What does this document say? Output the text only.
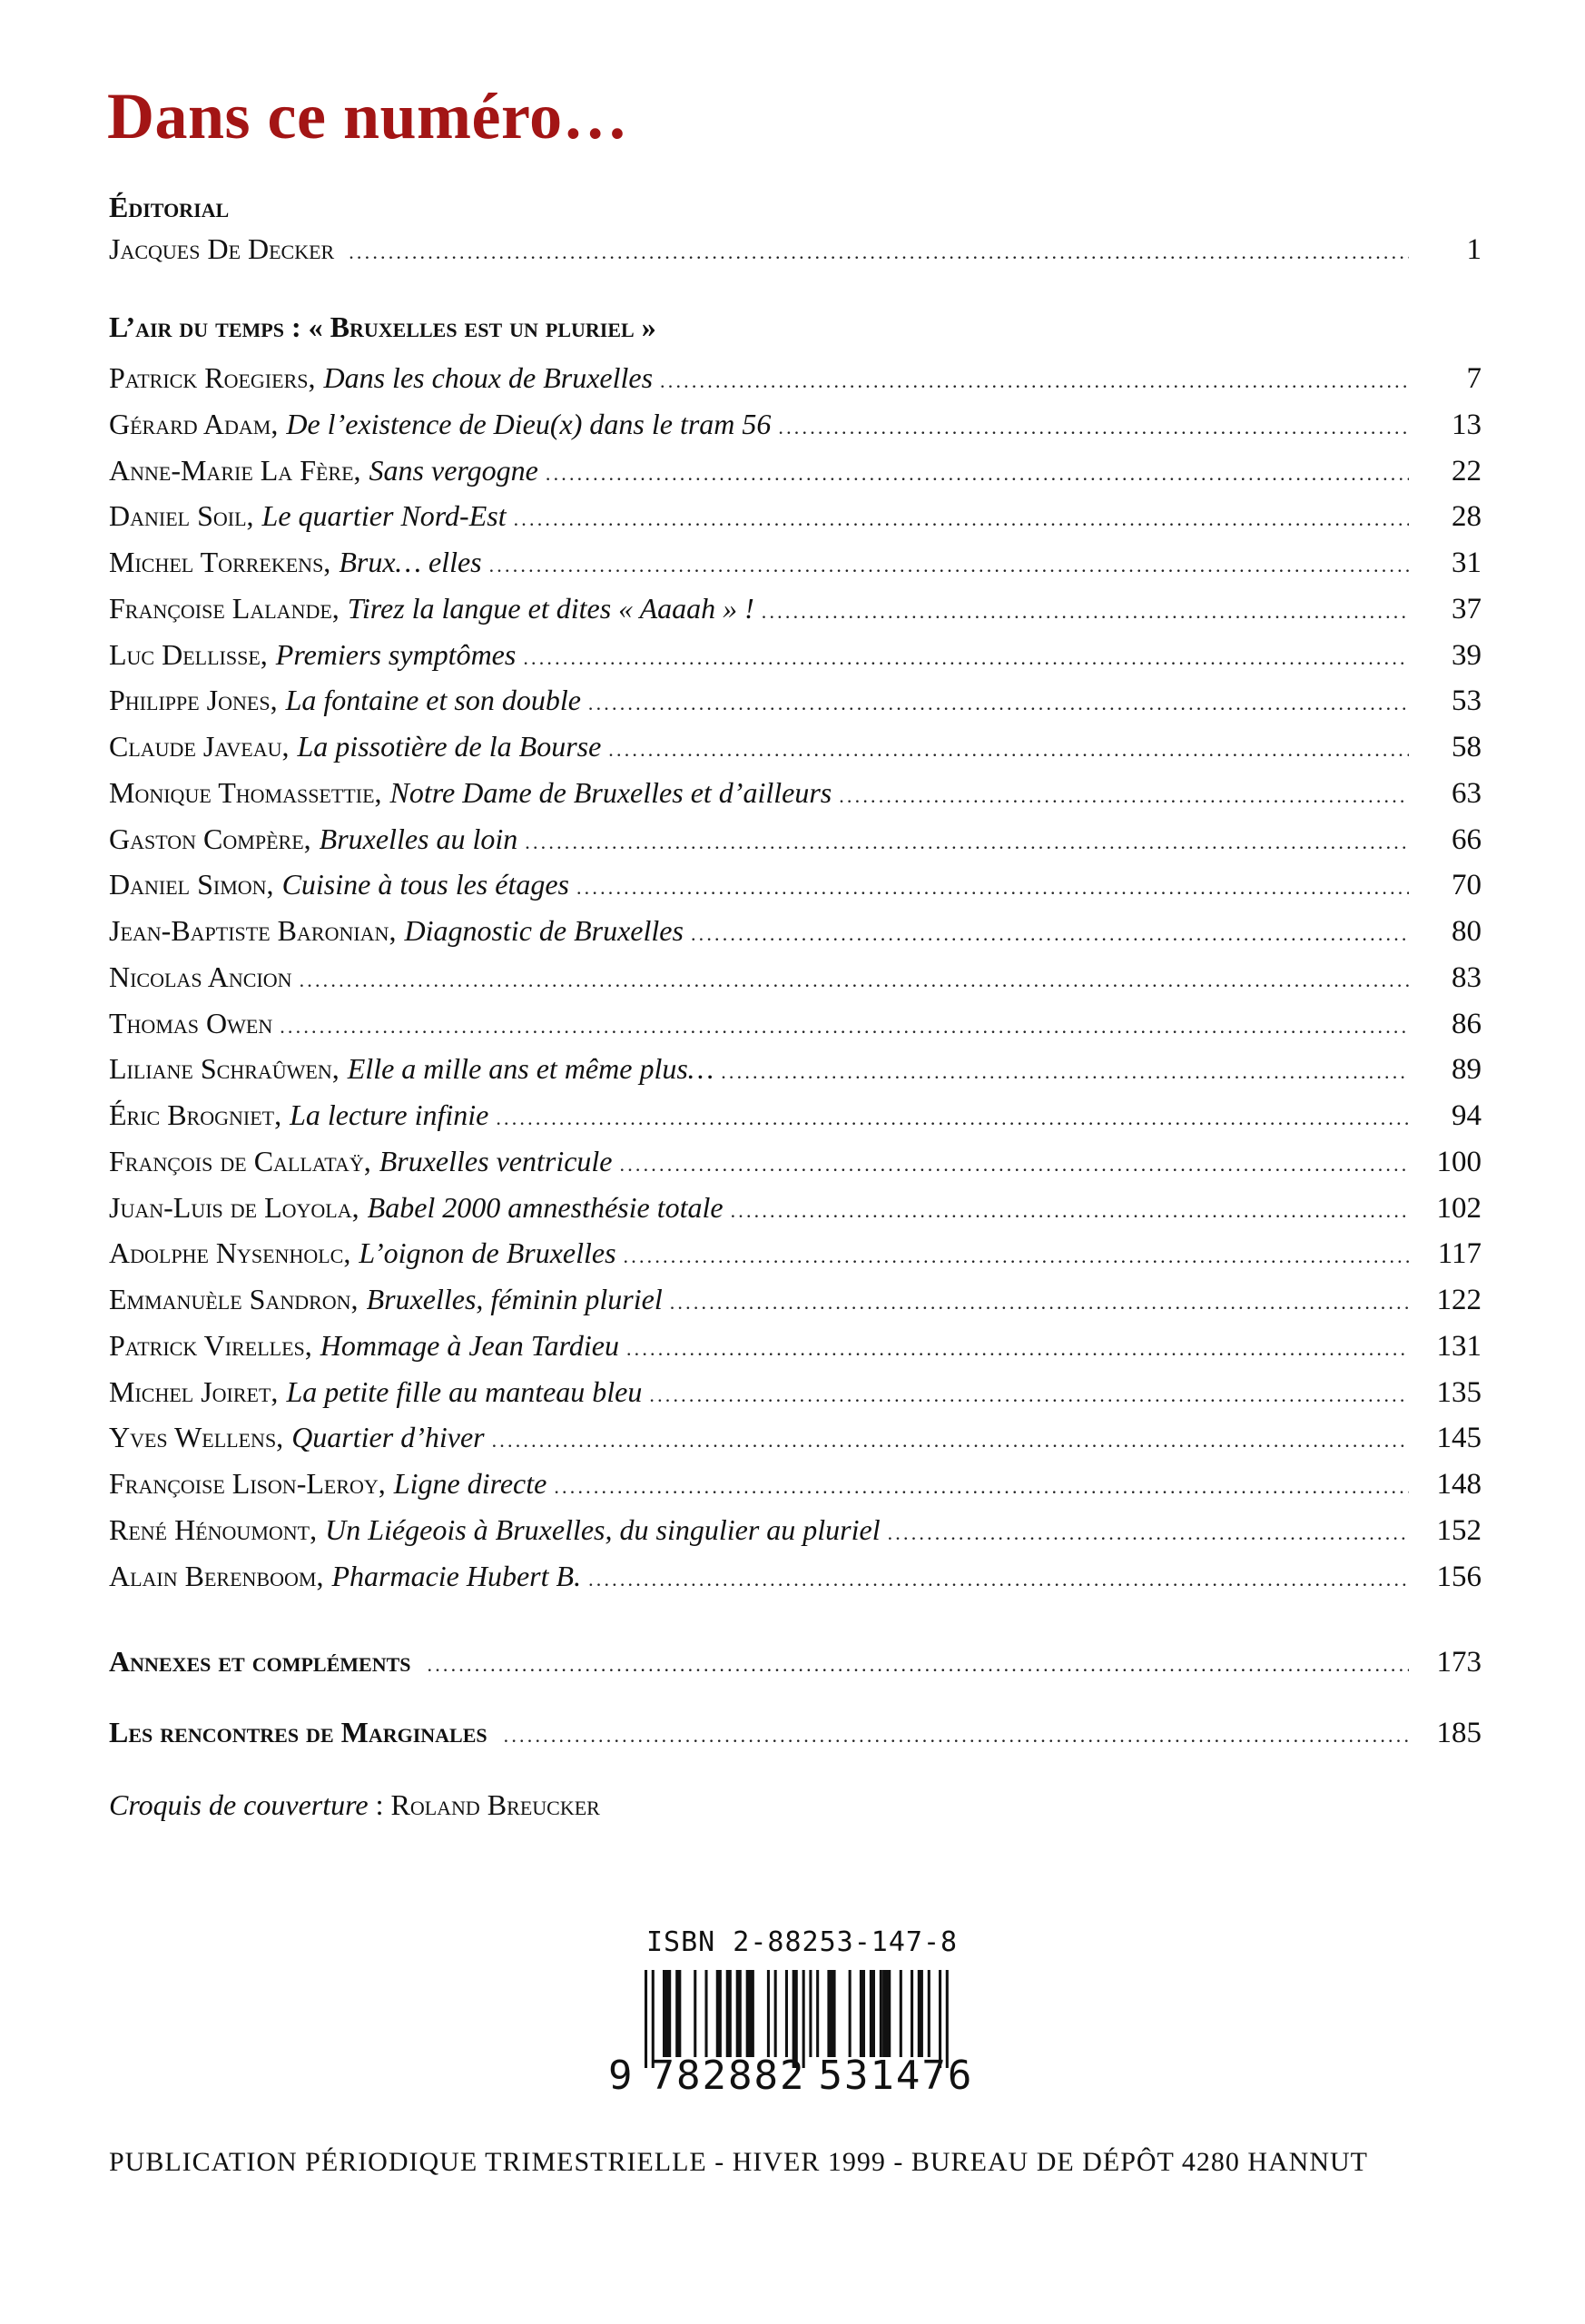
Dans ce numéro…
Éditorial
Jacques De Decker .....	1
L’air du temps : « Bruxelles est un pluriel »
Patrick Roegiers, Dans les choux de Bruxelles .....	7
Gérard Adam, De l’existence de Dieu(x) dans le tram 56 .....	13
Anne-Marie La Fère, Sans vergogne .....	22
Daniel Soil, Le quartier Nord-Est .....	28
Michel Torrekens, Brux… elles .....	31
Françoise Lalande, Tirez la langue et dites « Aaaah » ! .....	37
Luc Dellisse, Premiers symptômes .....	39
Philippe Jones, La fontaine et son double .....	53
Claude Javeau, La pissotière de la Bourse .....	58
Monique Thomassettie, Notre Dame de Bruxelles et d’ailleurs .....	63
Gaston Compère, Bruxelles au loin .....	66
Daniel Simon, Cuisine à tous les étages .....	70
Jean-Baptiste Baronian, Diagnostic de Bruxelles .....	80
Nicolas Ancion .....	83
Thomas Owen .....	86
Liliane Schraûwen, Elle a mille ans et même plus… .....	89
Éric Brogniet, La lecture infinie .....	94
François de Callataÿ, Bruxelles ventricule .....	100
Juan-Luis de Loyola, Babel 2000 amnesthésie totale .....	102
Adolphe Nysenholc, L’oignon de Bruxelles .....	117
Emmanuèle Sandron, Bruxelles, féminin pluriel .....	122
Patrick Virelles, Hommage à Jean Tardieu .....	131
Michel Joiret, La petite fille au manteau bleu .....	135
Yves Wellens, Quartier d’hiver .....	145
Françoise Lison-Leroy, Ligne directe .....	148
René Hénoumont, Un Liégeois à Bruxelles, du singulier au pluriel .....	152
Alain Berenboom, Pharmacie Hubert B. .....	156
Annexes et compléments .....	173
Les rencontres de Marginales .....	185
Croquis de couverture : Roland Breucker
ISBN 2-88253-147-8
9 782882 531476
PUBLICATION PÉRIODIQUE TRIMESTRIELLE - HIVER 1999 - BUREAU DE DÉPÔT 4280 HANNUT
